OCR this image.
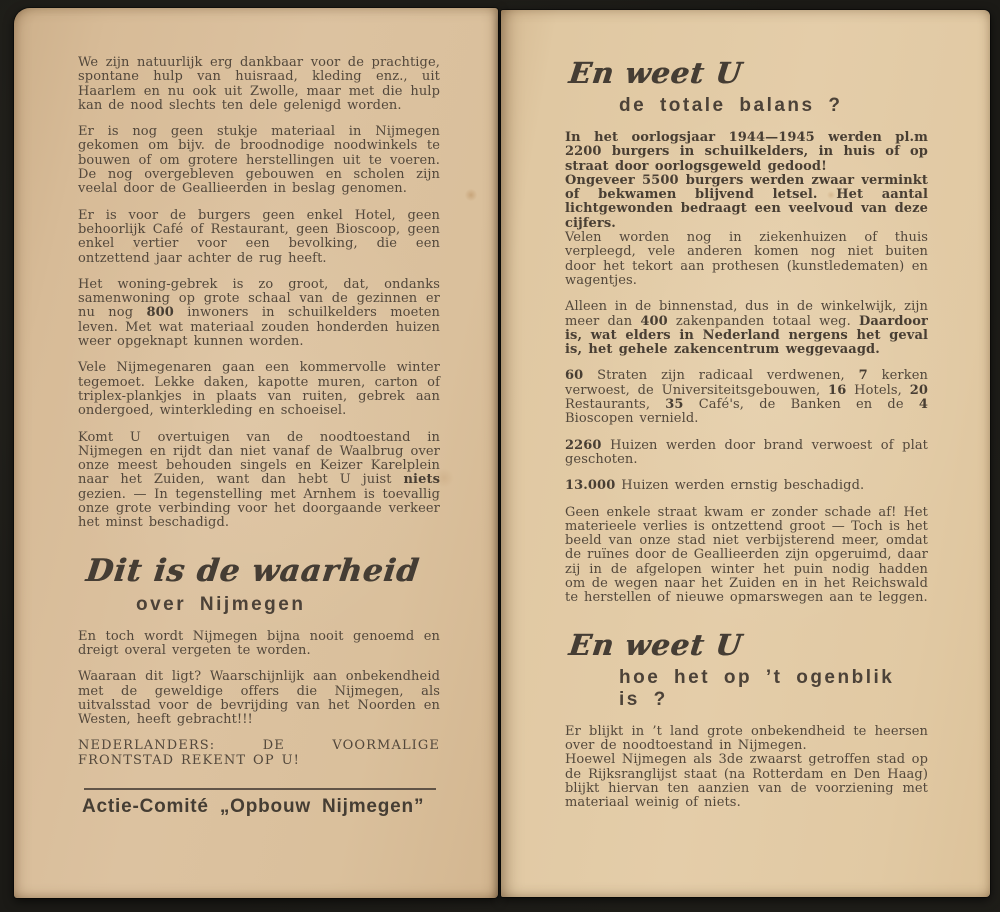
We zijn natuurlijk erg dankbaar voor de prachtige, spontane hulp van huisraad, kleding enz., uit Haarlem en nu ook uit Zwolle, maar met die hulp kan de nood slechts ten dele gelenigd worden.

Er is nog geen stukje materiaal in Nijmegen gekomen om bijv. de broodnodige noodwinkels te bouwen of om grotere herstellingen uit te voeren. De nog overgebleven gebouwen en scholen zijn veelal door de Geallieerden in beslag genomen.

Er is voor de burgers geen enkel Hotel, geen behoorlijk Café of Restaurant, geen Bioscoop, geen enkel vertier voor een bevolking, die een ontzettend jaar achter de rug heeft.

Het woning-gebrek is zo groot, dat, ondanks samenwoning op grote schaal van de gezinnen er nu nog 800 inwoners in schuilkelders moeten leven. Met wat materiaal zouden honderden huizen weer opgeknapt kunnen worden.

Vele Nijmegenaren gaan een kommervolle winter tegemoet. Lekke daken, kapotte muren, carton of triplex-plankjes in plaats van ruiten, gebrek aan ondergoed, winterkleding en schoeisel.

Komt U overtuigen van de noodtoestand in Nijmegen en rijdt dan niet vanaf de Waalbrug over onze meest behouden singels en Keizer Karelplein naar het Zuiden, want dan hebt U juist niets gezien. — In tegenstelling met Arnhem is toevallig onze grote verbinding voor het doorgaande verkeer het minst beschadigd.

Dit is de waarheid
over Nijmegen

En toch wordt Nijmegen bijna nooit genoemd en dreigt overal vergeten te worden.

Waaraan dit ligt? Waarschijnlijk aan onbekendheid met de geweldige offers die Nijmegen, als uitvalsstad voor de bevrijding van het Noorden en Westen, heeft gebracht!!!

NEDERLANDERS: DE VOORMALIGE FRONTSTAD REKENT OP U!

Actie-Comité „Opbouw Nijmegen”
En weet U
de totale balans ?

In het oorlogsjaar 1944—1945 werden pl.m 2200 burgers in schuilkelders, in huis of op straat door oorlogsgeweld gedood!

Ongeveer 5500 burgers werden zwaar verminkt of bekwamen blijvend letsel. Het aantal lichtgewonden bedraagt een veelvoud van deze cijfers.

Velen worden nog in ziekenhuizen of thuis verpleegd, vele anderen komen nog niet buiten door het tekort aan prothesen (kunstledematen) en wagentjes.

Alleen in de binnenstad, dus in de winkelwijk, zijn meer dan 400 zakenpanden totaal weg. Daardoor is, wat elders in Nederland nergens het geval is, het gehele zakencentrum weggevaagd.

60 Straten zijn radicaal verdwenen, 7 kerken verwoest, de Universiteitsgebouwen, 16 Hotels, 20 Restaurants, 35 Café's, de Banken en de 4 Bioscopen vernield.

2260 Huizen werden door brand verwoest of plat geschoten.

13.000 Huizen werden ernstig beschadigd.

Geen enkele straat kwam er zonder schade af! Het materieele verlies is ontzettend groot — Toch is het beeld van onze stad niet verbijsterend meer, omdat de ruïnes door de Geallieerden zijn opgeruimd, daar zij in de afgelopen winter het puin nodig hadden om de wegen naar het Zuiden en in het Reichswald te herstellen of nieuwe opmarswegen aan te leggen.

En weet U
hoe het op ’t ogenblik is ?

Er blijkt in ’t land grote onbekendheid te heersen over de noodtoestand in Nijmegen.

Hoewel Nijmegen als 3de zwaarst getroffen stad op de Rijksranglijst staat (na Rotterdam en Den Haag) blijkt hiervan ten aanzien van de voorziening met materiaal weinig of niets.
